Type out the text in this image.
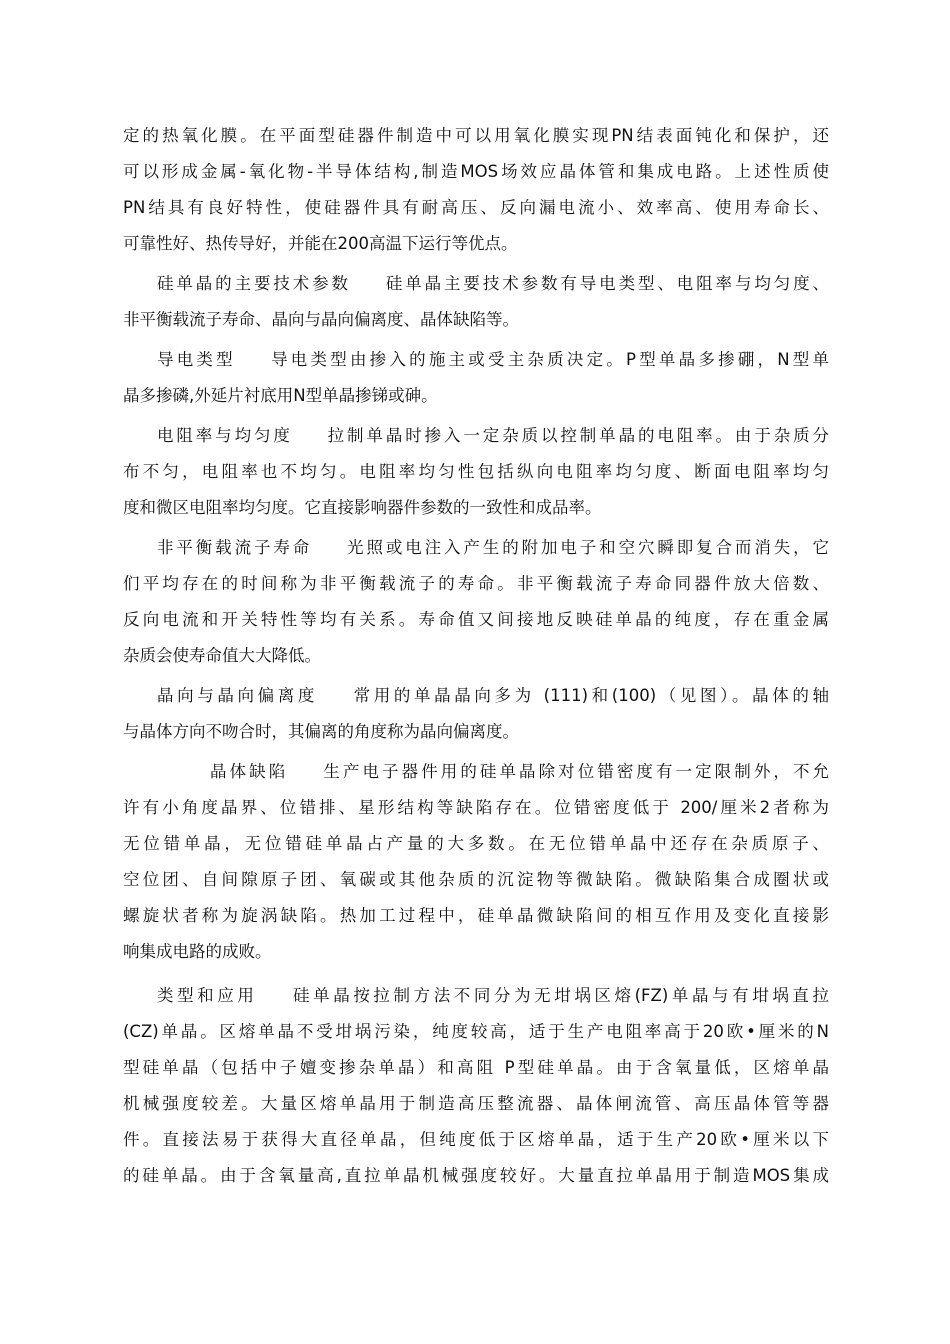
定的热氧化膜。在平面型硅器件制造中可以用氧化膜实现PN结表面钝化和保护，还
可以形成金属-氧化物-半导体结构,制造MOS场效应晶体管和集成电路。上述性质使
PN结具有良好特性，使硅器件具有耐高压、反向漏电流小、效率高、使用寿命长、
可靠性好、热传导好，并能在200高温下运行等优点。
硅单晶的主要技术参数 硅单晶主要技术参数有导电类型、电阻率与均匀度、
非平衡载流子寿命、晶向与晶向偏离度、晶体缺陷等。
导电类型 导电类型由掺入的施主或受主杂质决定。P型单晶多掺硼，N型单
晶多掺磷,外延片衬底用N型单晶掺锑或砷。
电阻率与均匀度 拉制单晶时掺入一定杂质以控制单晶的电阻率。由于杂质分
布不匀，电阻率也不均匀。电阻率均匀性包括纵向电阻率均匀度、断面电阻率均匀
度和微区电阻率均匀度。它直接影响器件参数的一致性和成品率。
非平衡载流子寿命 光照或电注入产生的附加电子和空穴瞬即复合而消失，它
们平均存在的时间称为非平衡载流子的寿命。非平衡载流子寿命同器件放大倍数、
反向电流和开关特性等均有关系。寿命值又间接地反映硅单晶的纯度，存在重金属
杂质会使寿命值大大降低。
晶向与晶向偏离度 常用的单晶晶向多为 (111)和(100)（见图）。晶体的轴
与晶体方向不吻合时，其偏离的角度称为晶向偏离度。
晶体缺陷 生产电子器件用的硅单晶除对位错密度有一定限制外，不允
许有小角度晶界、位错排、星形结构等缺陷存在。位错密度低于 200/厘米2者称为
无位错单晶，无位错硅单晶占产量的大多数。在无位错单晶中还存在杂质原子、
空位团、自间隙原子团、氧碳或其他杂质的沉淀物等微缺陷。微缺陷集合成圈状或
螺旋状者称为旋涡缺陷。热加工过程中，硅单晶微缺陷间的相互作用及变化直接影
响集成电路的成败。
类型和应用 硅单晶按拉制方法不同分为无坩埚区熔(FZ)单晶与有坩埚直拉
(CZ)单晶。区熔单晶不受坩埚污染，纯度较高，适于生产电阻率高于20欧•厘米的N
型硅单晶（包括中子嬗变掺杂单晶）和高阻 P型硅单晶。由于含氧量低，区熔单晶
机械强度较差。大量区熔单晶用于制造高压整流器、晶体闸流管、高压晶体管等器
件。直接法易于获得大直径单晶，但纯度低于区熔单晶，适于生产20欧•厘米以下
的硅单晶。由于含氧量高,直拉单晶机械强度较好。大量直拉单晶用于制造MOS集成
